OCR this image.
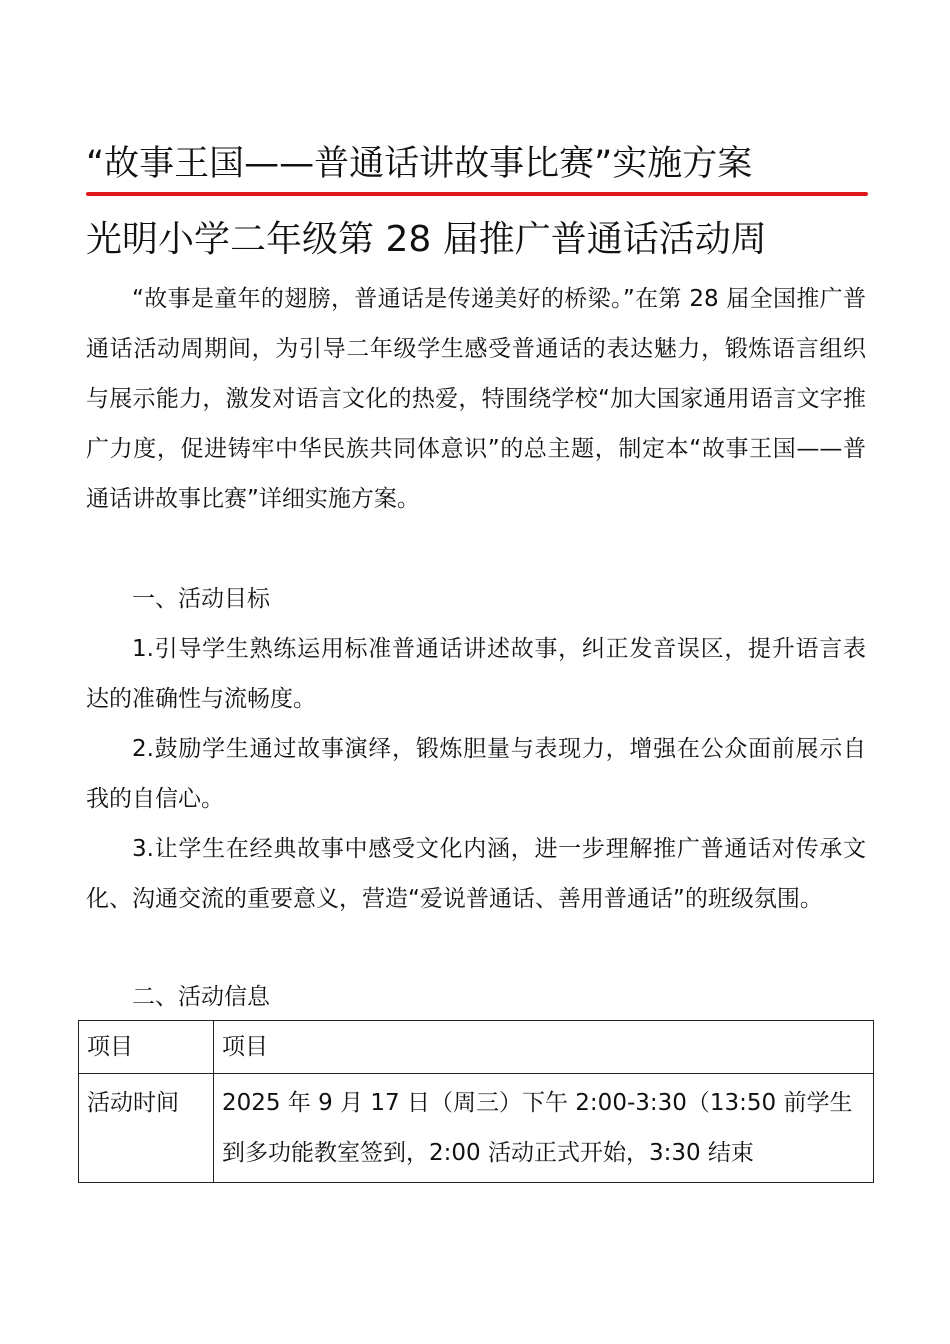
“故事王国——普通话讲故事比赛”实施方案
光明小学二年级第 28 届推广普通话活动周

“故事是童年的翅膀，普通话是传递美好的桥梁。”在第 28 届全国推广普通话活动周期间，为引导二年级学生感受普通话的表达魅力，锻炼语言组织与展示能力，激发对语言文化的热爱，特围绕学校“加大国家通用语言文字推广力度，促进铸牢中华民族共同体意识”的总主题，制定本“故事王国——普通话讲故事比赛”详细实施方案。

一、活动目标

1.引导学生熟练运用标准普通话讲述故事，纠正发音误区，提升语言表达的准确性与流畅度。

2.鼓励学生通过故事演绎，锻炼胆量与表现力，增强在公众面前展示自我的自信心。

3.让学生在经典故事中感受文化内涵，进一步理解推广普通话对传承文化、沟通交流的重要意义，营造“爱说普通话、善用普通话”的班级氛围。

二、活动信息

项目	项目
活动时间	2025 年 9 月 17 日（周三）下午 2:00-3:30（13:50 前学生到多功能教室签到，2:00 活动正式开始，3:30 结束
